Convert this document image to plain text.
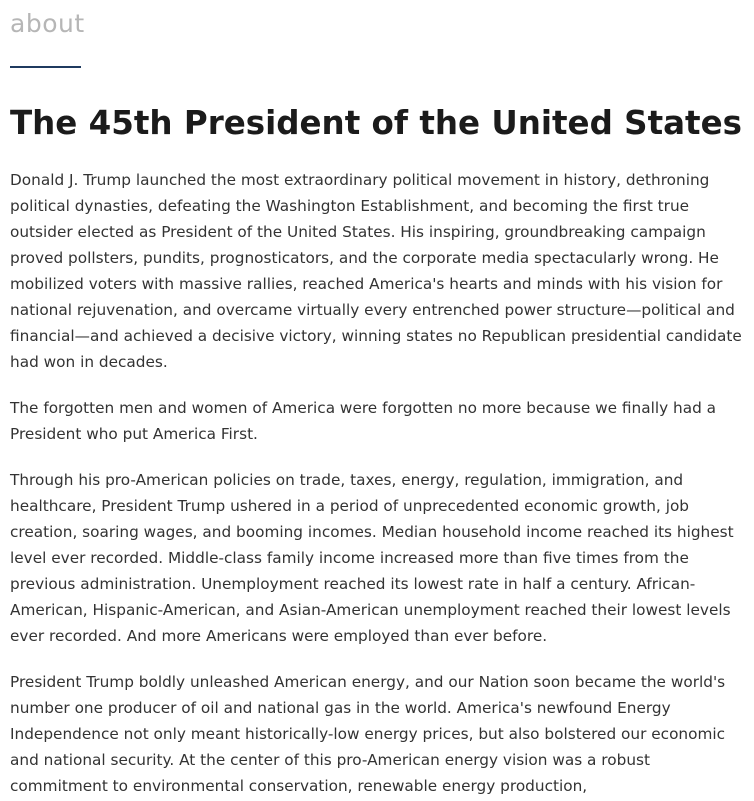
about
The 45th President of the United States

Donald J. Trump launched the most extraordinary political movement in history, dethroning political dynasties, defeating the Washington Establishment, and becoming the first true outsider elected as President of the United States. His inspiring, groundbreaking campaign proved pollsters, pundits, prognosticators, and the corporate media spectacularly wrong. He mobilized voters with massive rallies, reached America's hearts and minds with his vision for national rejuvenation, and overcame virtually every entrenched power structure—political and financial—and achieved a decisive victory, winning states no Republican presidential candidate had won in decades.

The forgotten men and women of America were forgotten no more because we finally had a President who put America First.

Through his pro-American policies on trade, taxes, energy, regulation, immigration, and healthcare, President Trump ushered in a period of unprecedented economic growth, job creation, soaring wages, and booming incomes. Median household income reached its highest level ever recorded. Middle-class family income increased more than five times from the previous administration. Unemployment reached its lowest rate in half a century. African-American, Hispanic-American, and Asian-American unemployment reached their lowest levels ever recorded. And more Americans were employed than ever before.

President Trump boldly unleashed American energy, and our Nation soon became the world's number one producer of oil and national gas in the world. America's newfound Energy Independence not only meant historically-low energy prices, but also bolstered our economic and national security. At the center of this pro-American energy vision was a robust commitment to environmental conservation, renewable energy production,
